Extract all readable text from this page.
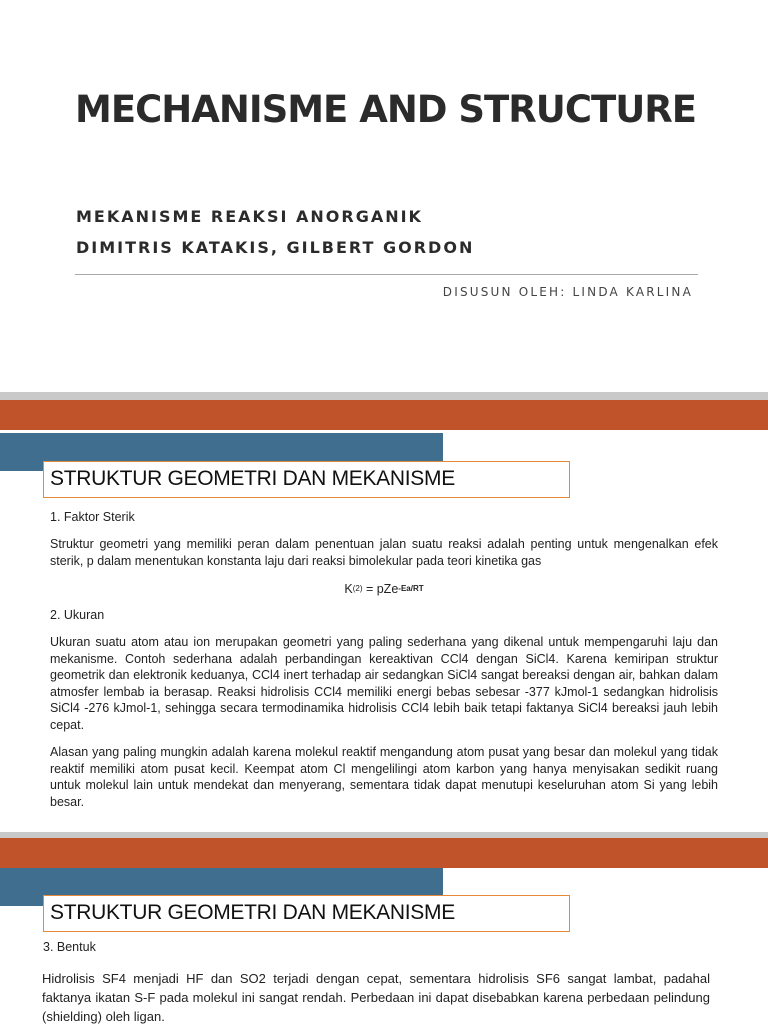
MECHANISME AND STRUCTURE
MEKANISME REAKSI ANORGANIK
DIMITRIS KATAKIS, GILBERT GORDON
DISUSUN OLEH: LINDA KARLINA
STRUKTUR GEOMETRI DAN MEKANISME
1. Faktor Sterik
Struktur geometri yang memiliki peran dalam penentuan jalan suatu reaksi adalah penting untuk mengenalkan efek sterik, p dalam menentukan konstanta laju dari reaksi bimolekular pada teori kinetika gas
$K^{(2)} = pZe^{-Ea/RT}$
2. Ukuran
Ukuran suatu atom atau ion merupakan geometri yang paling sederhana yang dikenal untuk mempengaruhi laju dan mekanisme. Contoh sederhana adalah perbandingan kereaktivan CCl4 dengan SiCl4. Karena kemiripan struktur geometrik dan elektronik keduanya, CCl4 inert terhadap air sedangkan SiCl4 sangat bereaksi dengan air, bahkan dalam atmosfer lembab ia berasap. Reaksi hidrolisis CCl4 memiliki energi bebas sebesar -377 kJmol-1 sedangkan hidrolisis SiCl4 -276 kJmol-1, sehingga secara termodinamika hidrolisis CCl4 lebih baik tetapi faktanya SiCl4 bereaksi jauh lebih cepat.
Alasan yang paling mungkin adalah karena molekul reaktif mengandung atom pusat yang besar dan molekul yang tidak reaktif memiliki atom pusat kecil. Keempat atom Cl mengelilingi atom karbon yang hanya menyisakan sedikit ruang untuk molekul lain untuk mendekat dan menyerang, sementara tidak dapat menutupi keseluruhan atom Si yang lebih besar.
STRUKTUR GEOMETRI DAN MEKANISME
3. Bentuk
Hidrolisis SF4 menjadi HF dan SO2 terjadi dengan cepat, sementara hidrolisis SF6 sangat lambat, padahal faktanya ikatan S-F pada molekul ini sangat rendah. Perbedaan ini dapat disebabkan karena perbedaan pelindung (shielding) oleh ligan.
